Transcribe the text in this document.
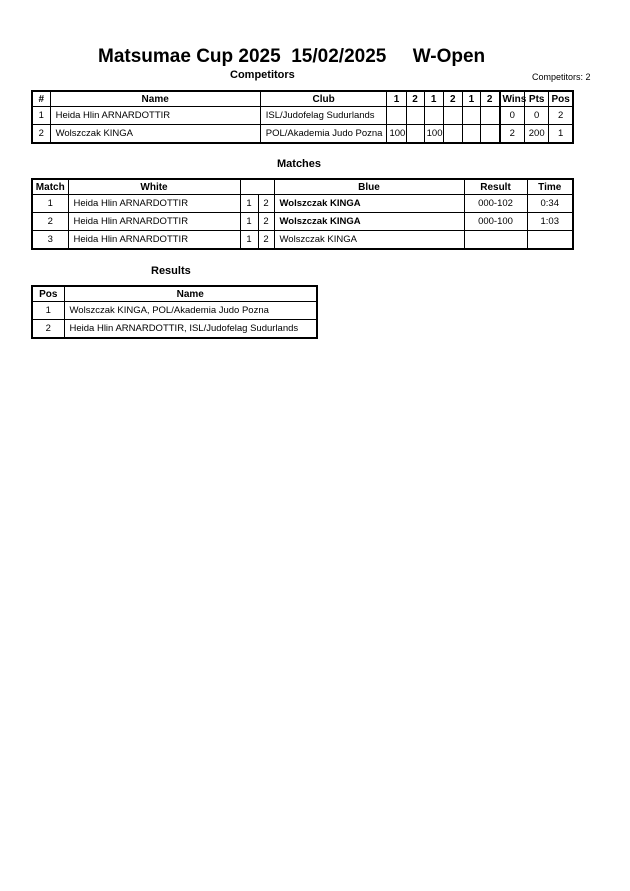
Matsumae Cup 2025  15/02/2025     W-Open
Competitors	Competitors: 2
#	Name	Club	1	2	1	2	1	2	Wins	Pts	Pos
1	Heida Hlin ARNARDOTTIR	ISL/Judofelag Sudurlands							0	0	2
2	Wolszczak KINGA	POL/Akademia Judo Pozna	100		100				2	200	1
Matches
Match	White			Blue	Result	Time
1	Heida Hlin ARNARDOTTIR	1	2	Wolszczak KINGA	000-102	0:34
2	Heida Hlin ARNARDOTTIR	1	2	Wolszczak KINGA	000-100	1:03
3	Heida Hlin ARNARDOTTIR	1	2	Wolszczak KINGA		
Results
Pos	Name
1	Wolszczak KINGA, POL/Akademia Judo Pozna
2	Heida Hlin ARNARDOTTIR, ISL/Judofelag Sudurlands
